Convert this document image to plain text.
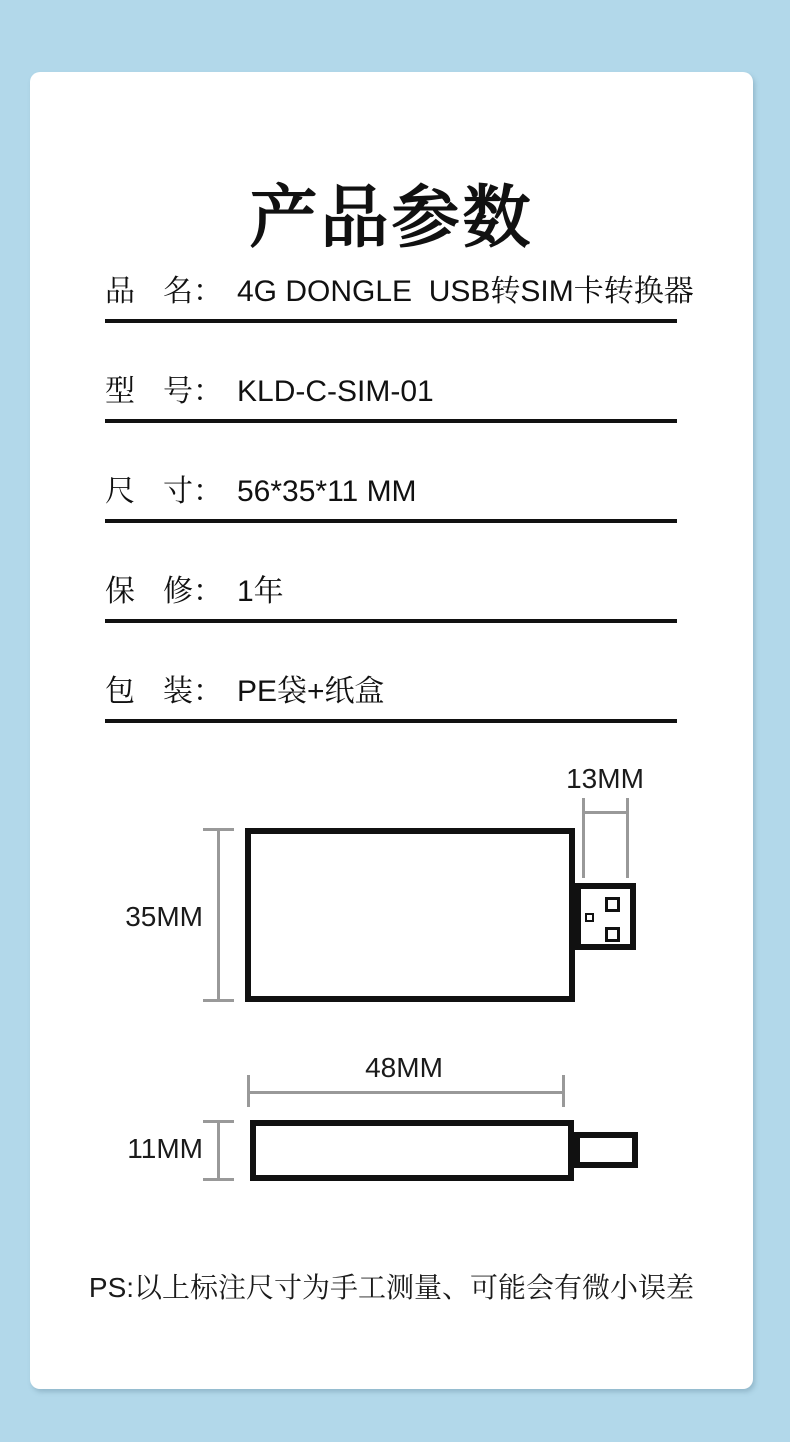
产品参数
品 名： 4G DONGLE  USB转SIM卡转换器
型 号： KLD-C-SIM-01
尺 寸： 56*35*11 MM
保 修： 1年
包 装： PE袋+纸盒
13MM
35MM
48MM
11MM
PS:以上标注尺寸为手工测量、可能会有微小误差
